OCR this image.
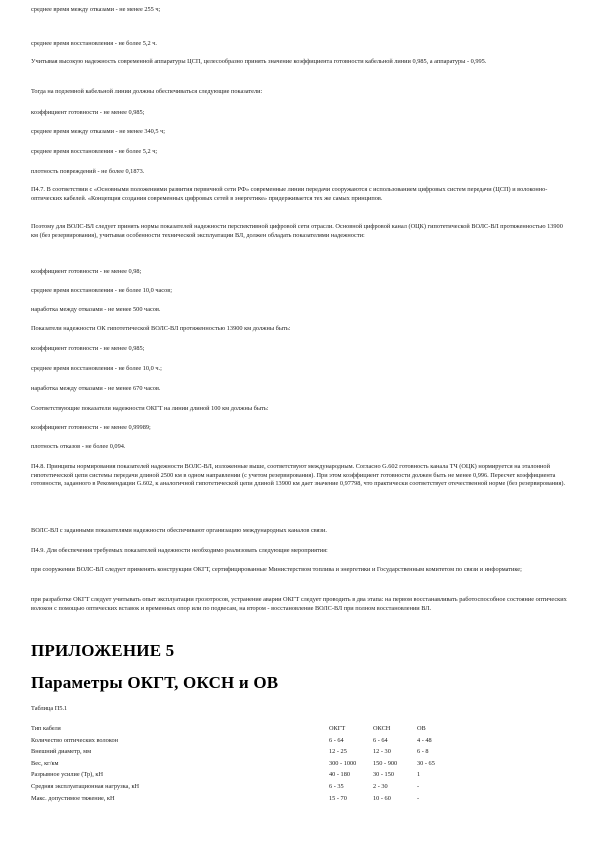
среднее время между отказами - не менее 255 ч;
среднее время восстановления - не более 5,2 ч.
Учитывая высокую надежность современной аппаратуры ЦСП, целесообразно принять значение коэффициента готовности кабельной линии 0,985, а аппаратуры - 0,995.
Тогда на подземной кабельной линии должны обеспечиваться следующие показатели:
коэффициент готовности - не менее 0,985;
среднее время между отказами - не менее 340,5 ч;
среднее время восстановления - не более 5,2 ч;
плотность повреждений - не более 0,1873.
П4.7. В соответствии с «Основными положениями развития первичной сети РФ» современные линии передачи сооружаются с использованием цифровых систем передачи (ЦСП) и волоконно-оптических кабелей. «Концепция создания современных цифровых сетей в энергетике» придерживается тех же самых принципов.
Поэтому для ВОЛС-ВЛ следует принять нормы показателей надежности перспективной цифровой сети отрасли. Основной цифровой канал (ОЦК) гипотетической ВОЛС-ВЛ протяженностью 13900 км (без резервирования), учитывая особенности технической эксплуатации ВЛ, должен обладать показателями надежности:
коэффициент готовности - не менее 0,98;
среднее время восстановления - не более 10,0 часов;
наработка между отказами - не менее 500 часов.
Показатели надежности ОК гипотетической ВОЛС-ВЛ протяженностью 13900 км должны быть:
коэффициент готовности - не менее 0,985;
среднее время восстановления - не более 10,0 ч.;
наработка между отказами - не менее 670 часов.
Соответствующие показатели надежности ОКГТ на линии длиной 100 км должны быть:
коэффициент готовности - не менее 0,99989;
плотность отказов - не более 0,094.
П4.8. Принципы нормирования показателей надежности ВОЛС-ВЛ, изложенные выше, соответствуют международным. Согласно G.602 готовность канала ТЧ (ОЦК) нормируется на эталонной гипотетической цепи системы передачи длиной 2500 км в одном направлении (с учетом резервирования). При этом коэффициент готовности должен быть не менее 0,996. Пересчет коэффициента готовности, заданного в Рекомендации G.602, к аналогичной гипотетической цепи длиной 13900 км дает значение 0,97798, что практически соответствует отечественной норме (без резервирования).
ВОЛС-ВЛ с заданными показателями надежности обеспечивают организацию международных каналов связи.
П4.9. Для обеспечения требуемых показателей надежности необходимо реализовать следующие мероприятия:
при сооружении ВОЛС-ВЛ следует применять конструкции ОКГТ, сертифицированные Министерством топлива и энергетики и Государственным комитетом по связи и информатике;
при разработке ОКГТ следует учитывать опыт эксплуатации грозотросов, устранение аварии ОКГТ следует проводить в два этапа: на первом восстанавливать работоспособное состояние оптических волокон с помощью оптических вставок и временных опор или по подвесам, на втором - восстановление ВОЛС-ВЛ при полном восстановлении ВЛ.
ПРИЛОЖЕНИЕ 5
Параметры ОКГТ, ОКСН и ОВ
Таблица П5.1
Тип кабеля	ОКГТ	ОКСН	ОВ
Количество оптических волокон	6 - 64	6 - 64	4 - 48
Внешний диаметр, мм	12 - 25	12 - 30	6 - 8
Вес, кг/км	300 - 1000	150 - 900	30 - 65
Разрывное усилие (Тр), кН	40 - 180	30 - 150	1
Средняя эксплуатационная нагрузка, кН	6 - 35	2 - 30	-
Макс. допустимое тяжение, кН	15 - 70	10 - 60	-
